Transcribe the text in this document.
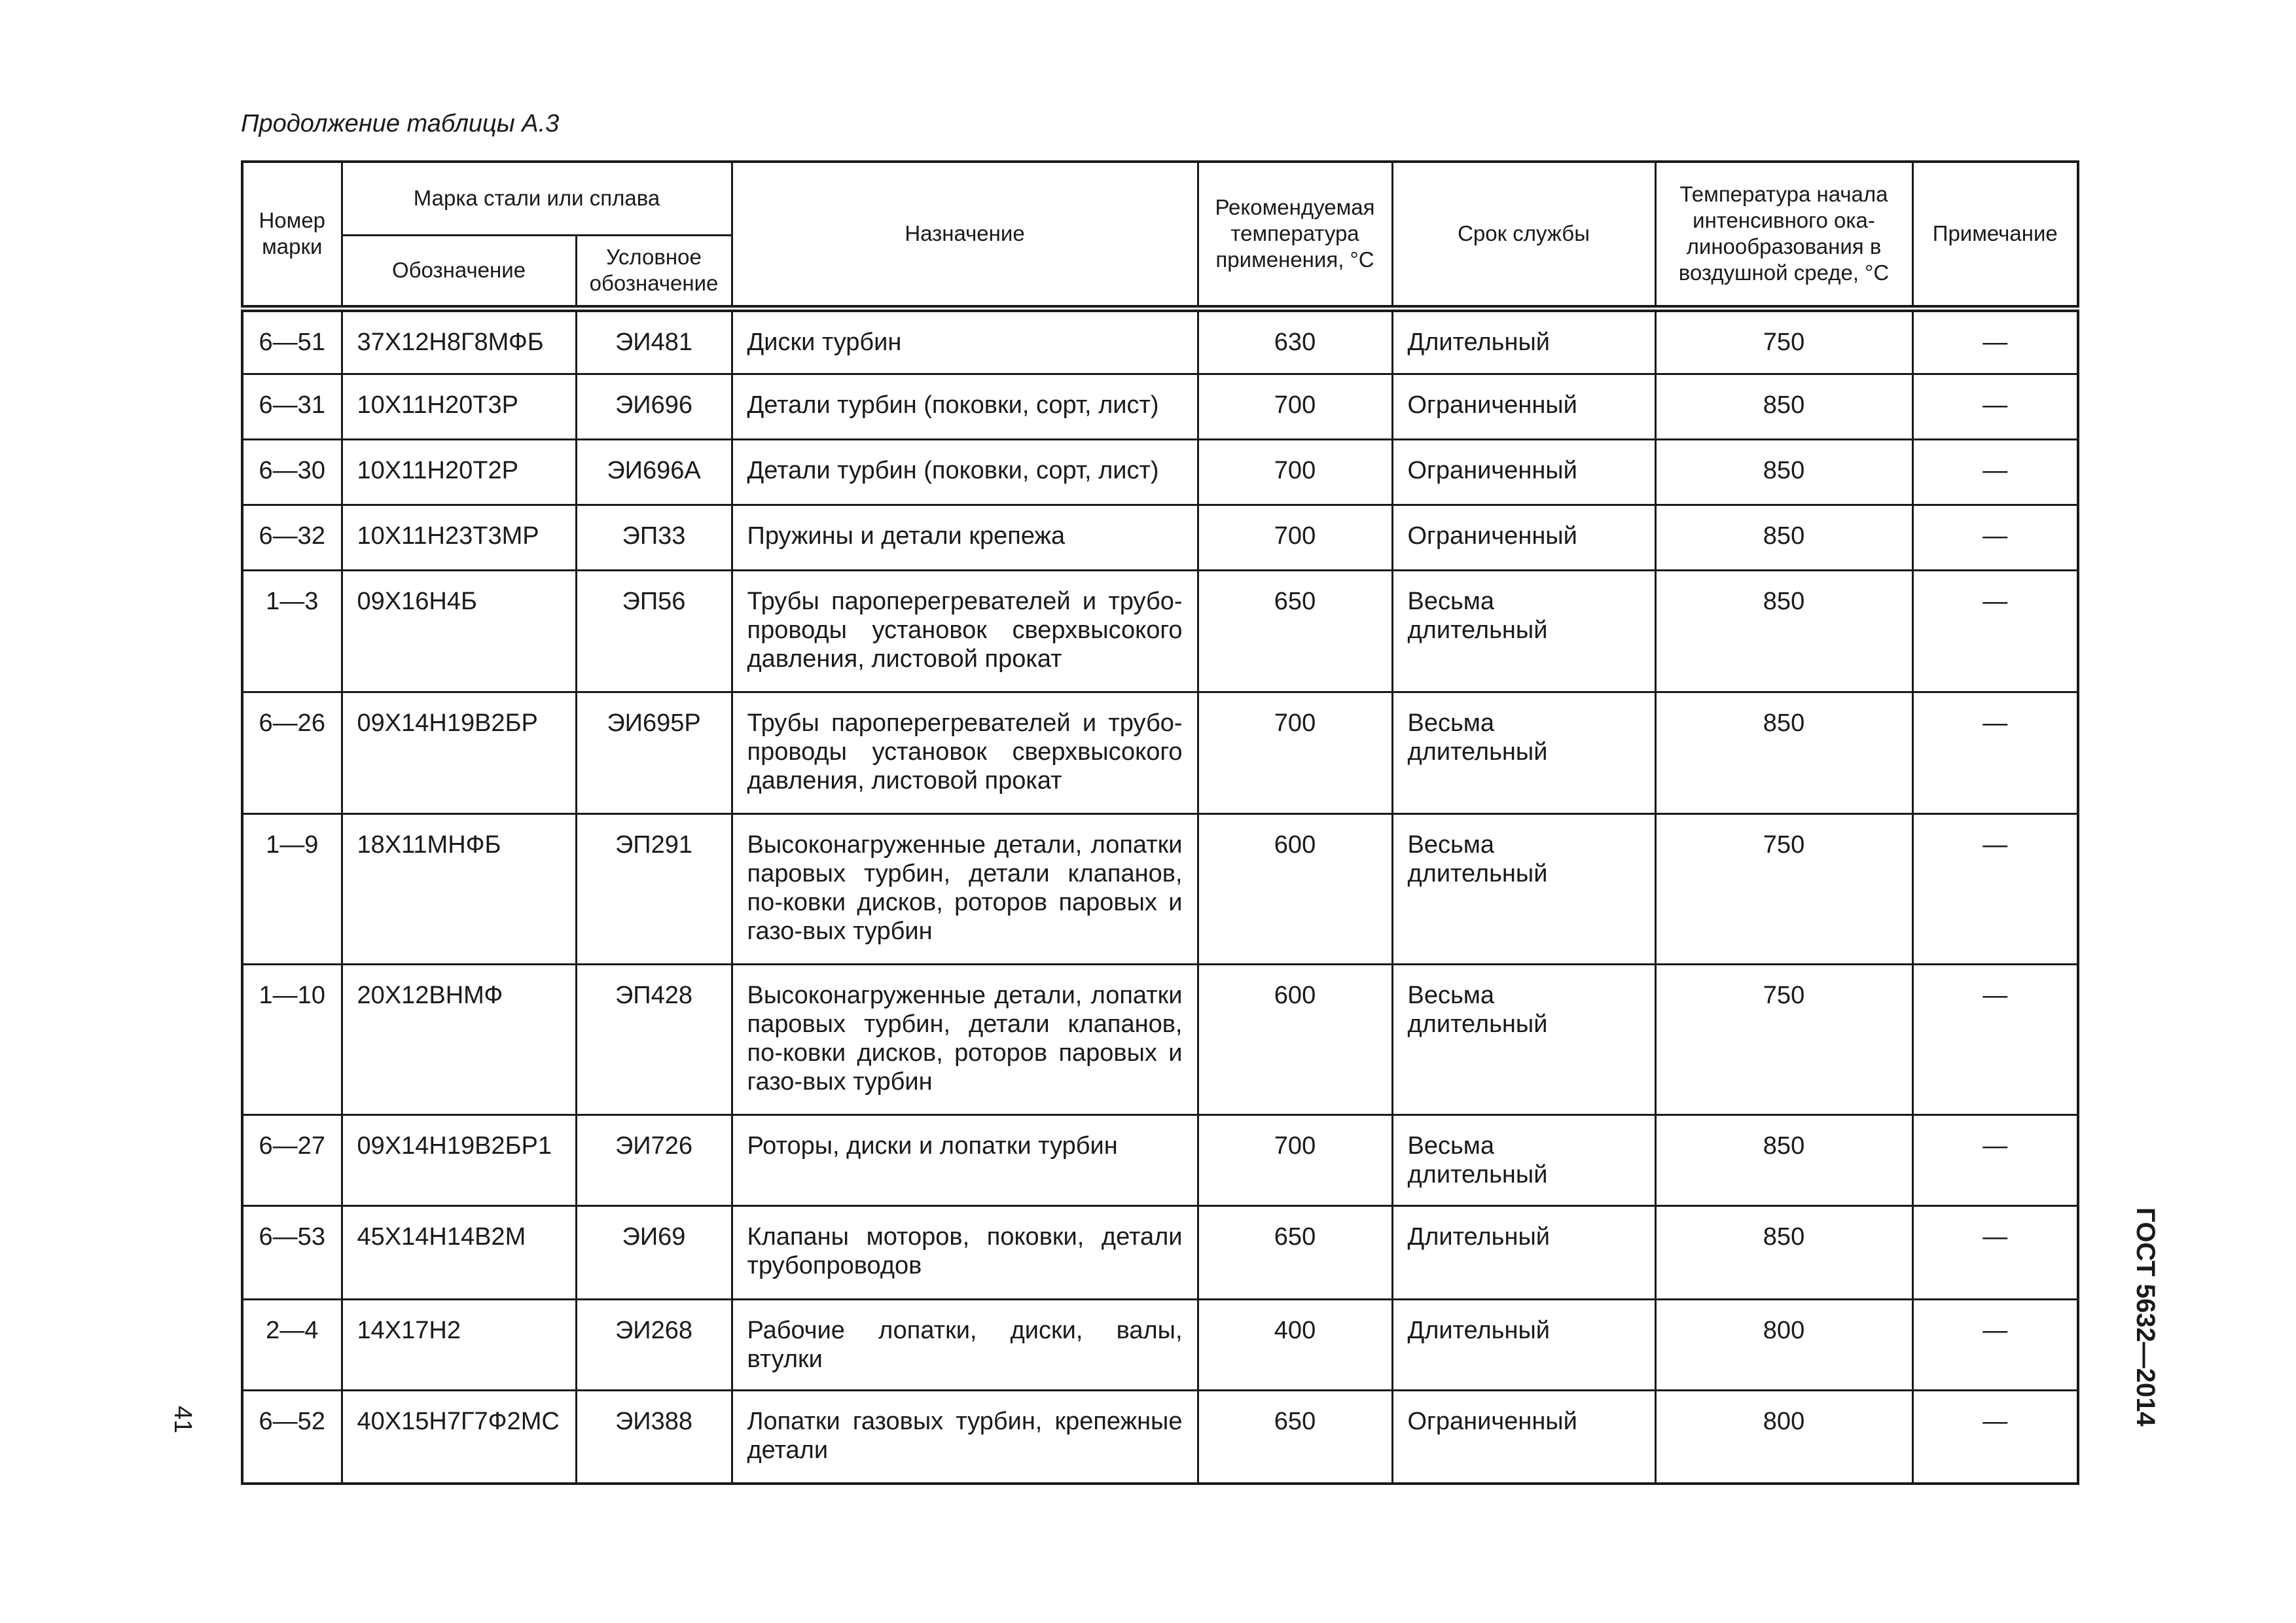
Продолжение таблицы А.3
Номер марки	Марка стали или сплава		Назначение	Рекомендуемая температура применения, °С	Срок службы	Температура начала интенсивного ока-линообразования в воздушной среде, °С	Примечание
	Обозначение	Условное обозначение					
6—51	37Х12Н8Г8МФБ	ЭИ481	Диски турбин	630	Длительный	750	—
6—31	10Х11Н20Т3Р	ЭИ696	Детали турбин (поковки, сорт, лист)	700	Ограниченный	850	—
6—30	10Х11Н20Т2Р	ЭИ696А	Детали турбин (поковки, сорт, лист)	700	Ограниченный	850	—
6—32	10Х11Н23Т3МР	ЭП33	Пружины и детали крепежа	700	Ограниченный	850	—
1—3	09Х16Н4Б	ЭП56	Трубы пароперегревателей и трубо-проводы установок сверхвысокого давления, листовой прокат	650	Весьма длительный	850	—
6—26	09Х14Н19В2БР	ЭИ695Р	Трубы пароперегревателей и трубо-проводы установок сверхвысокого давления, листовой прокат	700	Весьма длительный	850	—
1—9	18Х11МНФБ	ЭП291	Высоконагруженные детали, лопатки паровых турбин, детали клапанов, по-ковки дисков, роторов паровых и газо-вых турбин	600	Весьма длительный	750	—
1—10	20Х12ВНМФ	ЭП428	Высоконагруженные детали, лопатки паровых турбин, детали клапанов, по-ковки дисков, роторов паровых и газо-вых турбин	600	Весьма длительный	750	—
6—27	09Х14Н19В2БР1	ЭИ726	Роторы, диски и лопатки турбин	700	Весьма длительный	850	—
6—53	45Х14Н14В2М	ЭИ69	Клапаны моторов, поковки, детали трубопроводов	650	Длительный	850	—
2—4	14Х17Н2	ЭИ268	Рабочие лопатки, диски, валы, втулки	400	Длительный	800	—
6—52	40Х15Н7Г7Ф2МС	ЭИ388	Лопатки газовых турбин, крепежные детали	650	Ограниченный	800	—
41	ГОСТ 5632—2014
